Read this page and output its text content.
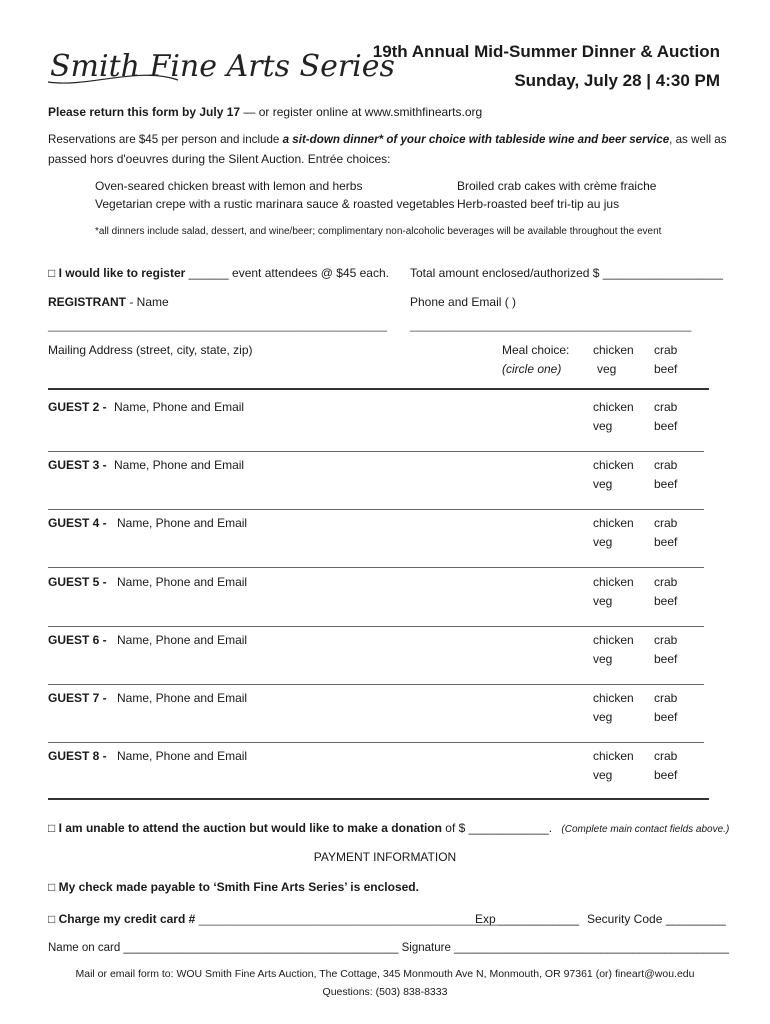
Smith Fine Arts Series
19th Annual Mid-Summer Dinner & Auction
Sunday, July 28 | 4:30 PM
Please return this form by July 17 — or register online at www.smithfinearts.org
Reservations are $45 per person and include a sit-down dinner* of your choice with tableside wine and beer service, as well as
passed hors d'oeuvres during the Silent Auction. Entrée choices:
Oven-seared chicken breast with lemon and herbs
Vegetarian crepe with a rustic marinara sauce & roasted vegetables
Broiled crab cakes with crème fraiche
Herb-roasted beef tri-tip au jus
*all dinners include salad, dessert, and wine/beer; complimentary non-alcoholic beverages will be available throughout the event
□ I would like to register ______ event attendees @ $45 each. Total amount enclosed/authorized $ __________________
REGISTRANT - Name	Phone and Email ( )
_____________________________________________________ ____________________________________________
Mailing Address (street, city, state, zip)	Meal choice:
(circle one)
chicken crab
veg	beef
GUEST 2 - Name, Phone and Email	chicken crab
veg	beef
GUEST 3 - Name, Phone and Email	chicken crab
veg	beef
GUEST 4 - Name, Phone and Email	chicken crab
veg	beef
GUEST 5 - Name, Phone and Email	chicken crab
veg	beef
GUEST 6 - Name, Phone and Email	chicken crab
veg	beef
GUEST 7 - Name, Phone and Email	chicken crab
veg	beef
GUEST 8 - Name, Phone and Email	chicken crab
veg	beef
□ I am unable to attend the auction but would like to make a donation of $ ____________. (Complete main contact fields above.)
PAYMENT INFORMATION
□ My check made payable to ‘Smith Fine Arts Series’ is enclosed.
□ Charge my credit card # _____________________________________________
Exp ____________ Security Code _________
Name on card ___________________________________________ Signature ___________________________________________
Mail or email form to: WOU Smith Fine Arts Auction, The Cottage, 345 Monmouth Ave N, Monmouth, OR 97361 (or) fineart@wou.edu
Questions: (503) 838-8333
